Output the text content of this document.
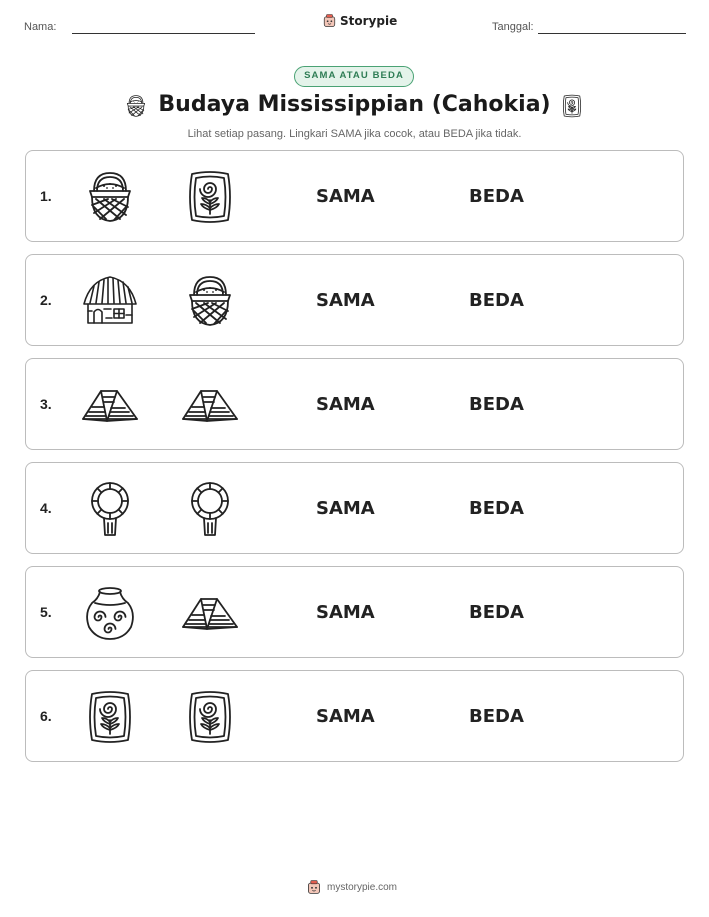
Nama:	Storypie	Tanggal:
SAMA ATAU BEDA
Budaya Mississippian (Cahokia)
Lihat setiap pasang. Lingkari SAMA jika cocok, atau BEDA jika tidak.
1.	SAMA	BEDA
2.	SAMA	BEDA
3.	SAMA	BEDA
4.	SAMA	BEDA
5.	SAMA	BEDA
6.	SAMA	BEDA
mystorypie.com
